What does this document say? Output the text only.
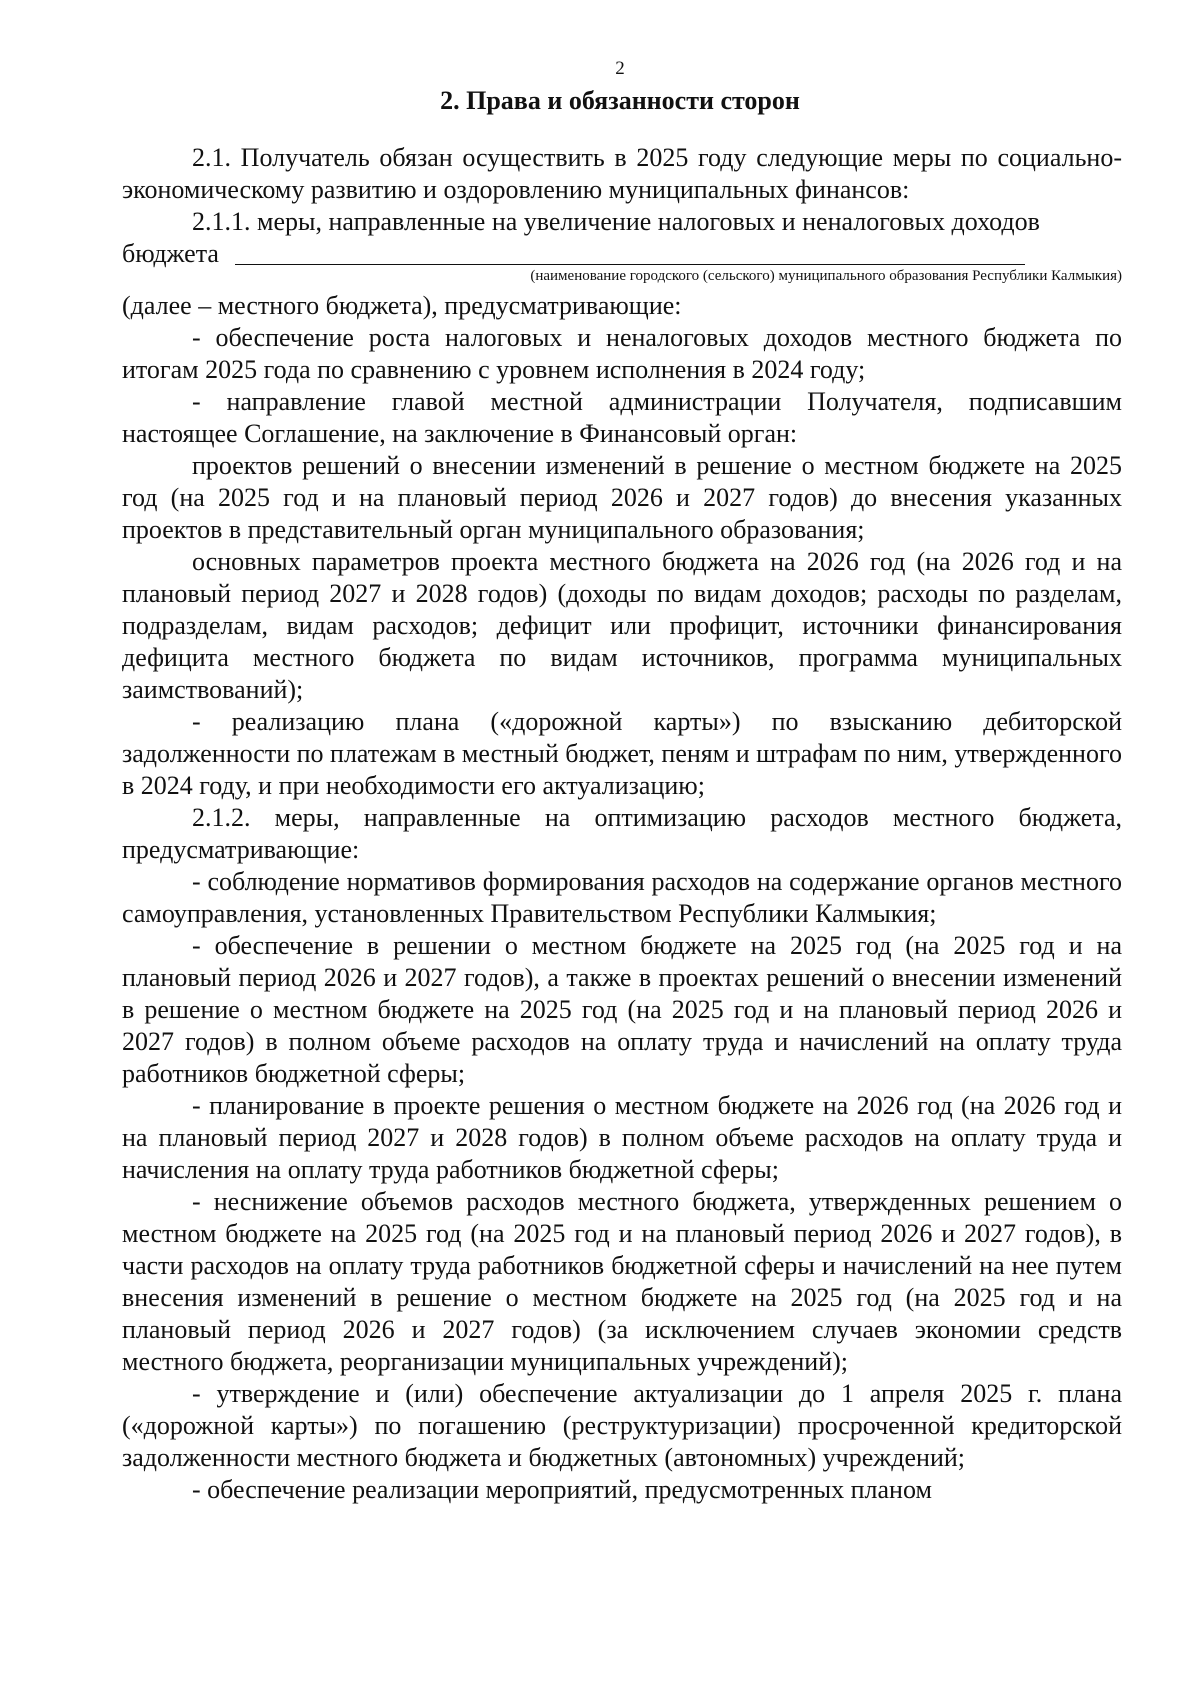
2
2. Права и обязанности сторон

2.1. Получатель обязан осуществить в 2025 году следующие меры по социально-экономическому развитию и оздоровлению муниципальных финансов:

2.1.1. меры, направленные на увеличение налоговых и неналоговых доходов

бюджета

(наименование городского (сельского) муниципального образования Республики Калмыкия)

(далее – местного бюджета), предусматривающие:

- обеспечение роста налоговых и неналоговых доходов местного бюджета по итогам 2025 года по сравнению с уровнем исполнения в 2024 году;

- направление главой местной администрации Получателя, подписавшим настоящее Соглашение, на заключение в Финансовый орган:

проектов решений о внесении изменений в решение о местном бюджете на 2025 год (на 2025 год и на плановый период 2026 и 2027 годов) до внесения указанных проектов в представительный орган муниципального образования;

основных параметров проекта местного бюджета на 2026 год (на 2026 год и на плановый период 2027 и 2028 годов) (доходы по видам доходов; расходы по разделам, подразделам, видам расходов; дефицит или профицит, источники финансирования дефицита местного бюджета по видам источников, программа муниципальных заимствований);

- реализацию плана («дорожной карты») по взысканию дебиторской задолженности по платежам в местный бюджет, пеням и штрафам по ним, утвержденного в 2024 году, и при необходимости его актуализацию;

2.1.2. меры, направленные на оптимизацию расходов местного бюджета, предусматривающие:

- соблюдение нормативов формирования расходов на содержание органов местного самоуправления, установленных Правительством Республики Калмыкия;

- обеспечение в решении о местном бюджете на 2025 год (на 2025 год и на плановый период 2026 и 2027 годов), а также в проектах решений о внесении изменений в решение о местном бюджете на 2025 год (на 2025 год и на плановый период 2026 и 2027 годов) в полном объеме расходов на оплату труда и начислений на оплату труда работников бюджетной сферы;

- планирование в проекте решения о местном бюджете на 2026 год (на 2026 год и на плановый период 2027 и 2028 годов) в полном объеме расходов на оплату труда и начисления на оплату труда работников бюджетной сферы;

- неснижение объемов расходов местного бюджета, утвержденных решением о местном бюджете на 2025 год (на 2025 год и на плановый период 2026 и 2027 годов), в части расходов на оплату труда работников бюджетной сферы и начислений на нее путем внесения изменений в решение о местном бюджете на 2025 год (на 2025 год и на плановый период 2026 и 2027 годов) (за исключением случаев экономии средств местного бюджета, реорганизации муниципальных учреждений);

- утверждение и (или) обеспечение актуализации до 1 апреля 2025 г. плана («дорожной карты») по погашению (реструктуризации) просроченной кредиторской задолженности местного бюджета и бюджетных (автономных) учреждений;

- обеспечение реализации мероприятий, предусмотренных планом
